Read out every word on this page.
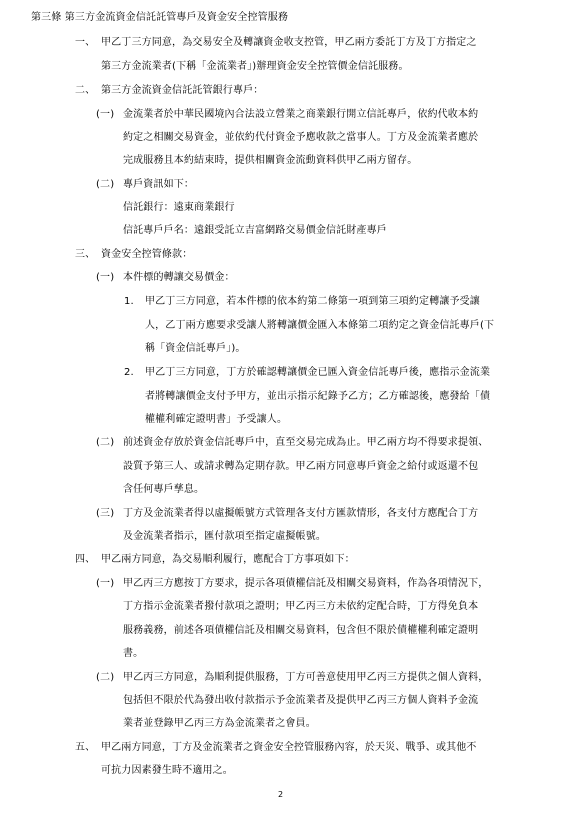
第三條 第三方金流資金信託託管專戶及資金安全控管服務
一、 甲乙丁三方同意，為交易安全及轉讓資金收支控管，甲乙兩方委託丁方及丁方指定之
第三方金流業者(下稱「金流業者」)辦理資金安全控管價金信託服務。
二、 第三方金流資金信託託管銀行專戶：
(一) 金流業者於中華民國境內合法設立營業之商業銀行開立信託專戶，依約代收本約
約定之相關交易資金，並依約代付資金予應收款之當事人。丁方及金流業者應於
完成服務且本約結束時，提供相關資金流動資料供甲乙兩方留存。
(二) 專戶資訊如下：
信託銀行：遠東商業銀行
信託專戶戶名：遠銀受託立吉富網路交易價金信託財產專戶
三、 資金安全控管條款：
(一) 本件標的轉讓交易價金：
1. 甲乙丁三方同意，若本件標的依本約第二條第一項到第三項約定轉讓予受讓
人，乙丁兩方應要求受讓人將轉讓價金匯入本條第二項約定之資金信託專戶(下
稱「資金信託專戶」)。
2. 甲乙丁三方同意，丁方於確認轉讓價金已匯入資金信託專戶後，應指示金流業
者將轉讓價金支付予甲方，並出示指示紀錄予乙方；乙方確認後，應發給「債
權權利確定證明書」予受讓人。
(二) 前述資金存放於資金信託專戶中，直至交易完成為止。甲乙兩方均不得要求提領、
設質予第三人、或請求轉為定期存款。甲乙兩方同意專戶資金之給付或返還不包
含任何專戶孳息。
(三) 丁方及金流業者得以虛擬帳號方式管理各支付方匯款情形，各支付方應配合丁方
及金流業者指示，匯付款項至指定虛擬帳號。
四、 甲乙兩方同意，為交易順利履行，應配合丁方事項如下：
(一) 甲乙丙三方應按丁方要求，提示各項債權信託及相關交易資料，作為各項情況下，
丁方指示金流業者撥付款項之證明；甲乙丙三方未依約定配合時，丁方得免負本
服務義務，前述各項債權信託及相關交易資料，包含但不限於債權權利確定證明
書。
(二) 甲乙丙三方同意，為順利提供服務，丁方可善意使用甲乙丙三方提供之個人資料，
包括但不限於代為發出收付款指示予金流業者及提供甲乙丙三方個人資料予金流
業者並登錄甲乙丙三方為金流業者之會員。
五、 甲乙兩方同意，丁方及金流業者之資金安全控管服務內容，於天災、戰爭、或其他不
可抗力因素發生時不適用之。
2
